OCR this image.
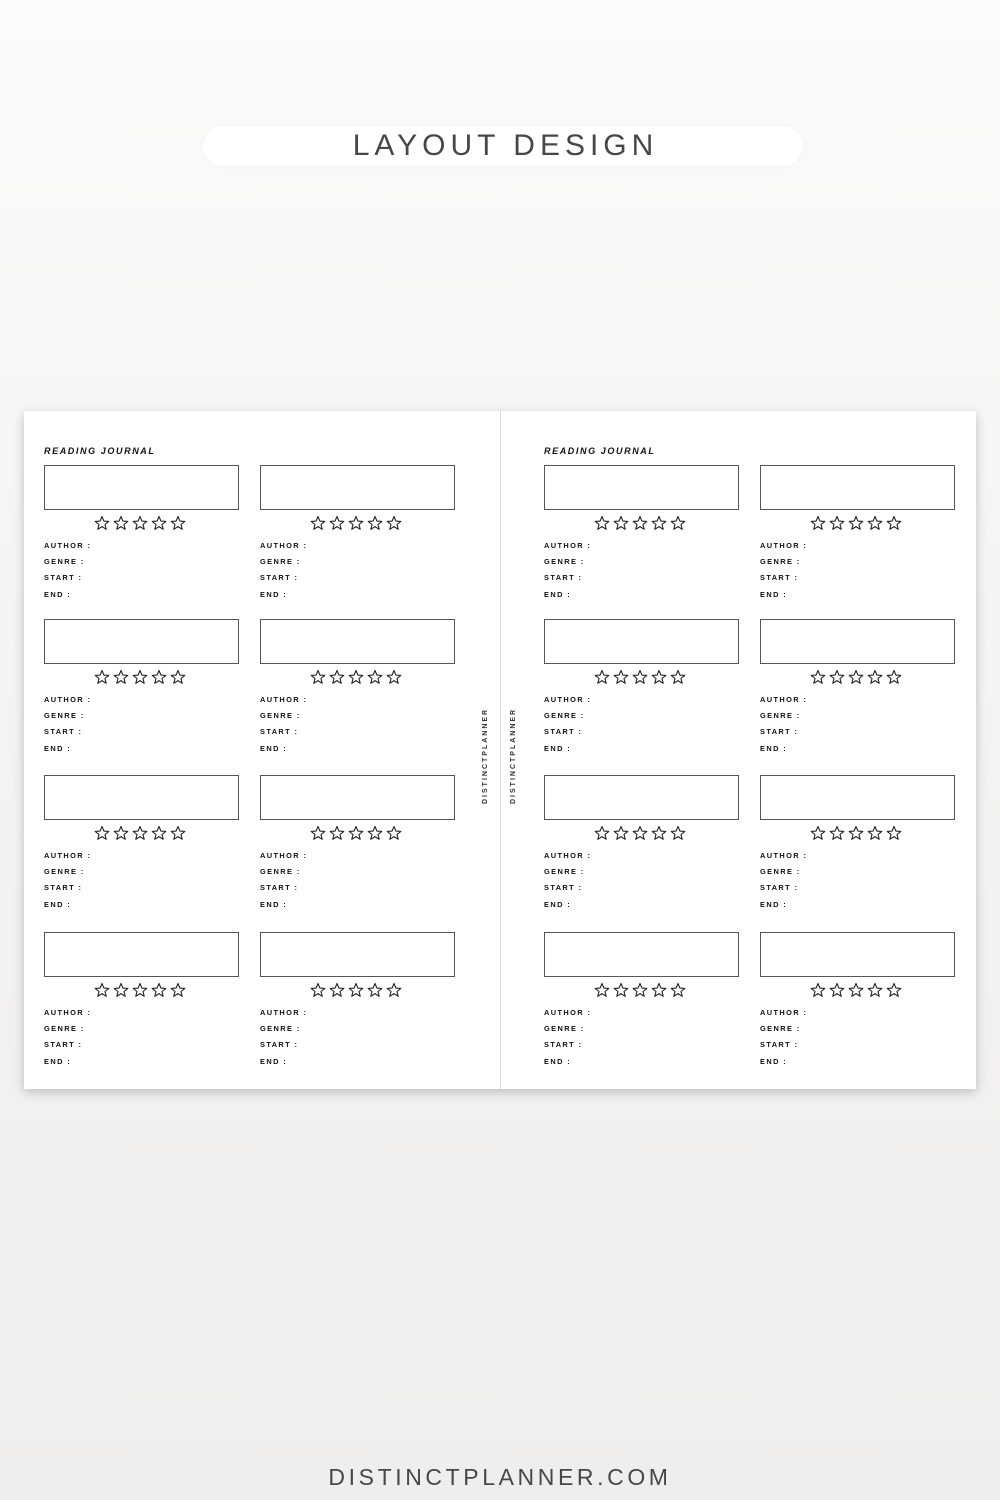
LAYOUT DESIGN
READING JOURNAL
AUTHOR :
GENRE :
START :
END :
AUTHOR :
GENRE :
START :
END :
AUTHOR :
GENRE :
START :
END :
AUTHOR :
GENRE :
START :
END :
AUTHOR :
GENRE :
START :
END :
AUTHOR :
GENRE :
START :
END :
AUTHOR :
GENRE :
START :
END :
AUTHOR :
GENRE :
START :
END :
DISTINCTPLANNER	DISTINCTPLANNER
READING JOURNAL
AUTHOR :
GENRE :
START :
END :
AUTHOR :
GENRE :
START :
END :
AUTHOR :
GENRE :
START :
END :
AUTHOR :
GENRE :
START :
END :
AUTHOR :
GENRE :
START :
END :
AUTHOR :
GENRE :
START :
END :
AUTHOR :
GENRE :
START :
END :
AUTHOR :
GENRE :
START :
END :
DISTINCTPLANNER.COM
